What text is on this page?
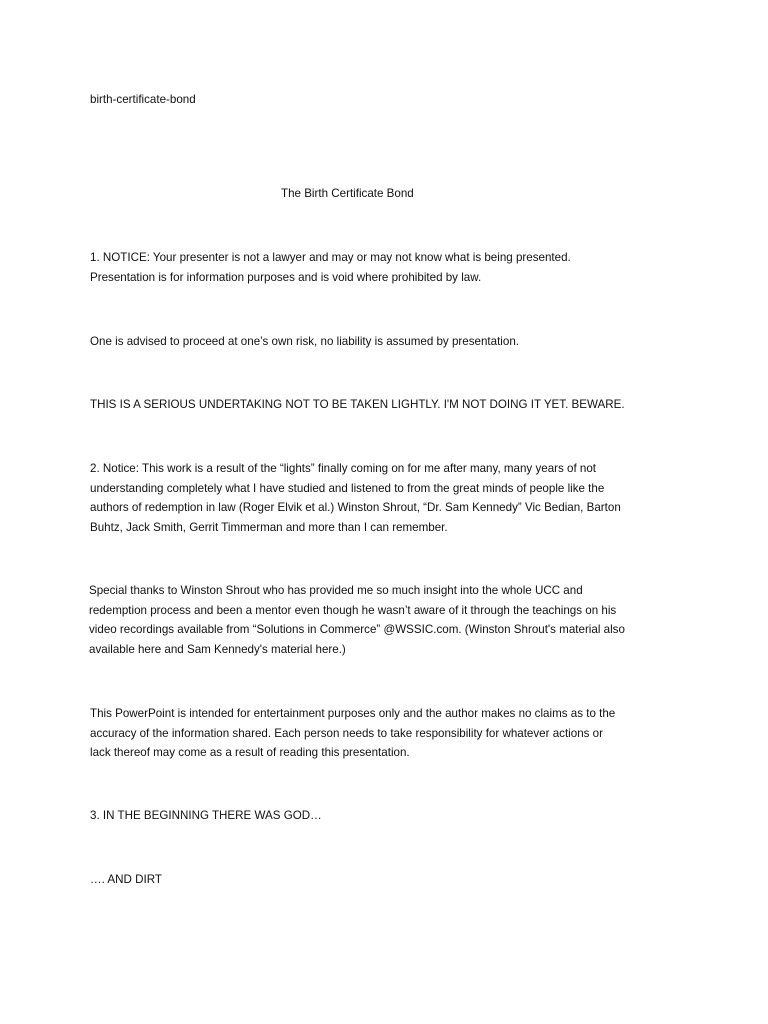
birth-certificate-bond
The Birth Certificate Bond
1. NOTICE: Your presenter is not a lawyer and may or may not know what is being presented.
Presentation is for information purposes and is void where prohibited by law.
One is advised to proceed at one’s own risk, no liability is assumed by presentation.
THIS IS A SERIOUS UNDERTAKING NOT TO BE TAKEN LIGHTLY. I'M NOT DOING IT YET. BEWARE.
2. Notice: This work is a result of the “lights” finally coming on for me after many, many years of not
understanding completely what I have studied and listened to from the great minds of people like the
authors of redemption in law (Roger Elvik et al.) Winston Shrout, “Dr. Sam Kennedy” Vic Bedian, Barton
Buhtz, Jack Smith, Gerrit Timmerman and more than I can remember.
Special thanks to Winston Shrout who has provided me so much insight into the whole UCC and
redemption process and been a mentor even though he wasn’t aware of it through the teachings on his
video recordings available from “Solutions in Commerce” @WSSIC.com. (Winston Shrout's material also
available here and Sam Kennedy's material here.)
This PowerPoint is intended for entertainment purposes only and the author makes no claims as to the
accuracy of the information shared. Each person needs to take responsibility for whatever actions or
lack thereof may come as a result of reading this presentation.
3. IN THE BEGINNING THERE WAS GOD…
…. AND DIRT
